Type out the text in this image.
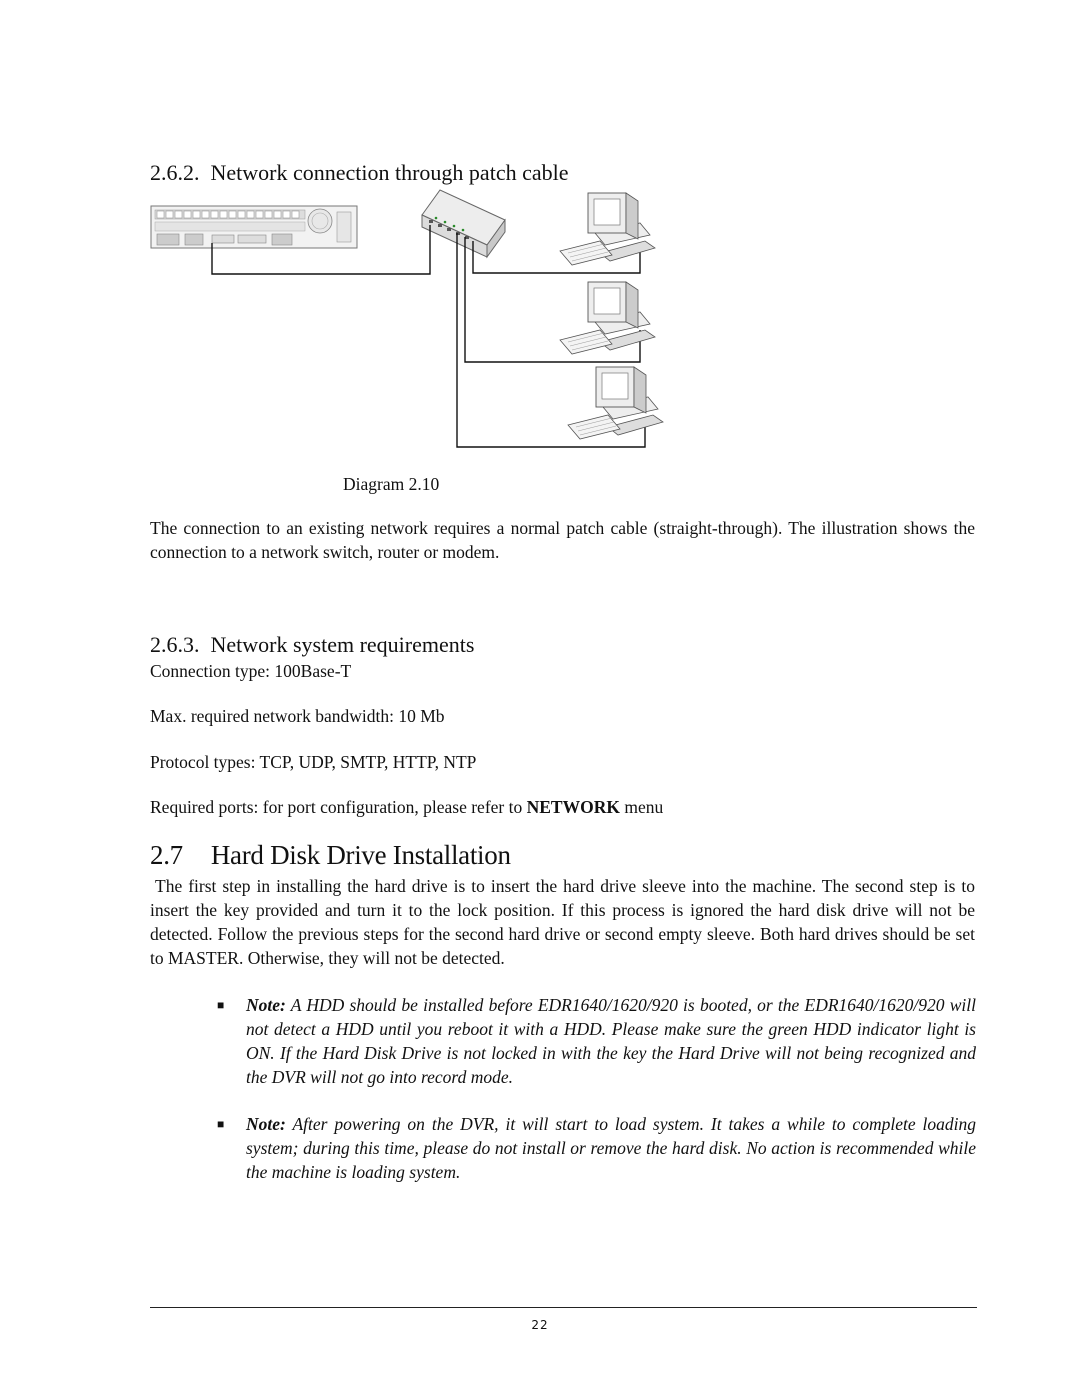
2.6.2. Network connection through patch cable
Diagram 2.10
The connection to an existing network requires a normal patch cable (straight-through). The illustration shows the connection to a network switch, router or modem.
2.6.3. Network system requirements
Connection type: 100Base-T
Max. required network bandwidth: 10 Mb
Protocol types: TCP, UDP, SMTP, HTTP, NTP
Required ports: for port configuration, please refer to NETWORK menu
2.7 Hard Disk Drive Installation
The first step in installing the hard drive is to insert the hard drive sleeve into the machine. The second step is to insert the key provided and turn it to the lock position. If this process is ignored the hard disk drive will not be detected. Follow the previous steps for the second hard drive or second empty sleeve. Both hard drives should be set to MASTER. Otherwise, they will not be detected.
■ Note: A HDD should be installed before EDR1640/1620/920 is booted, or the EDR1640/1620/920 will not detect a HDD until you reboot it with a HDD. Please make sure the green HDD indicator light is ON. If the Hard Disk Drive is not locked in with the key the Hard Drive will not being recognized and the DVR will not go into record mode.
■ Note: After powering on the DVR, it will start to load system. It takes a while to complete loading system; during this time, please do not install or remove the hard disk. No action is recommended while the machine is loading system.
22
